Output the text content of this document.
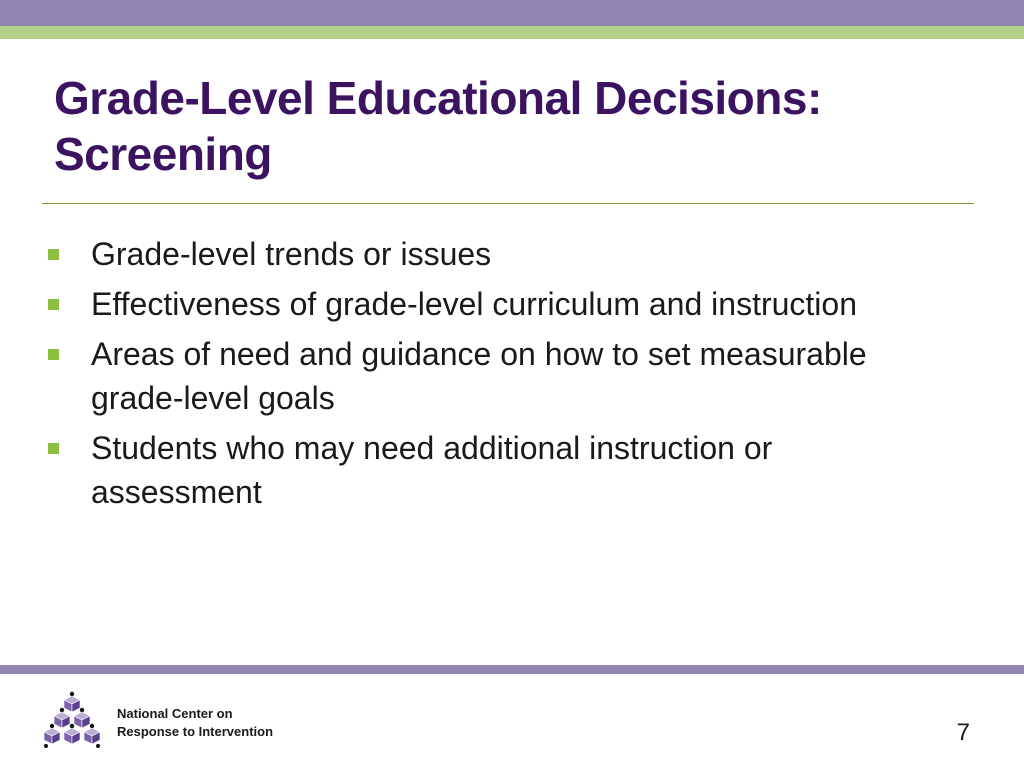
Grade-Level Educational Decisions:
Screening
Grade-level trends or issues
Effectiveness of grade-level curriculum and instruction
Areas of need and guidance on how to set measurable grade-level goals
Students who may need additional instruction or assessment
National Center on
Response to Intervention	7
